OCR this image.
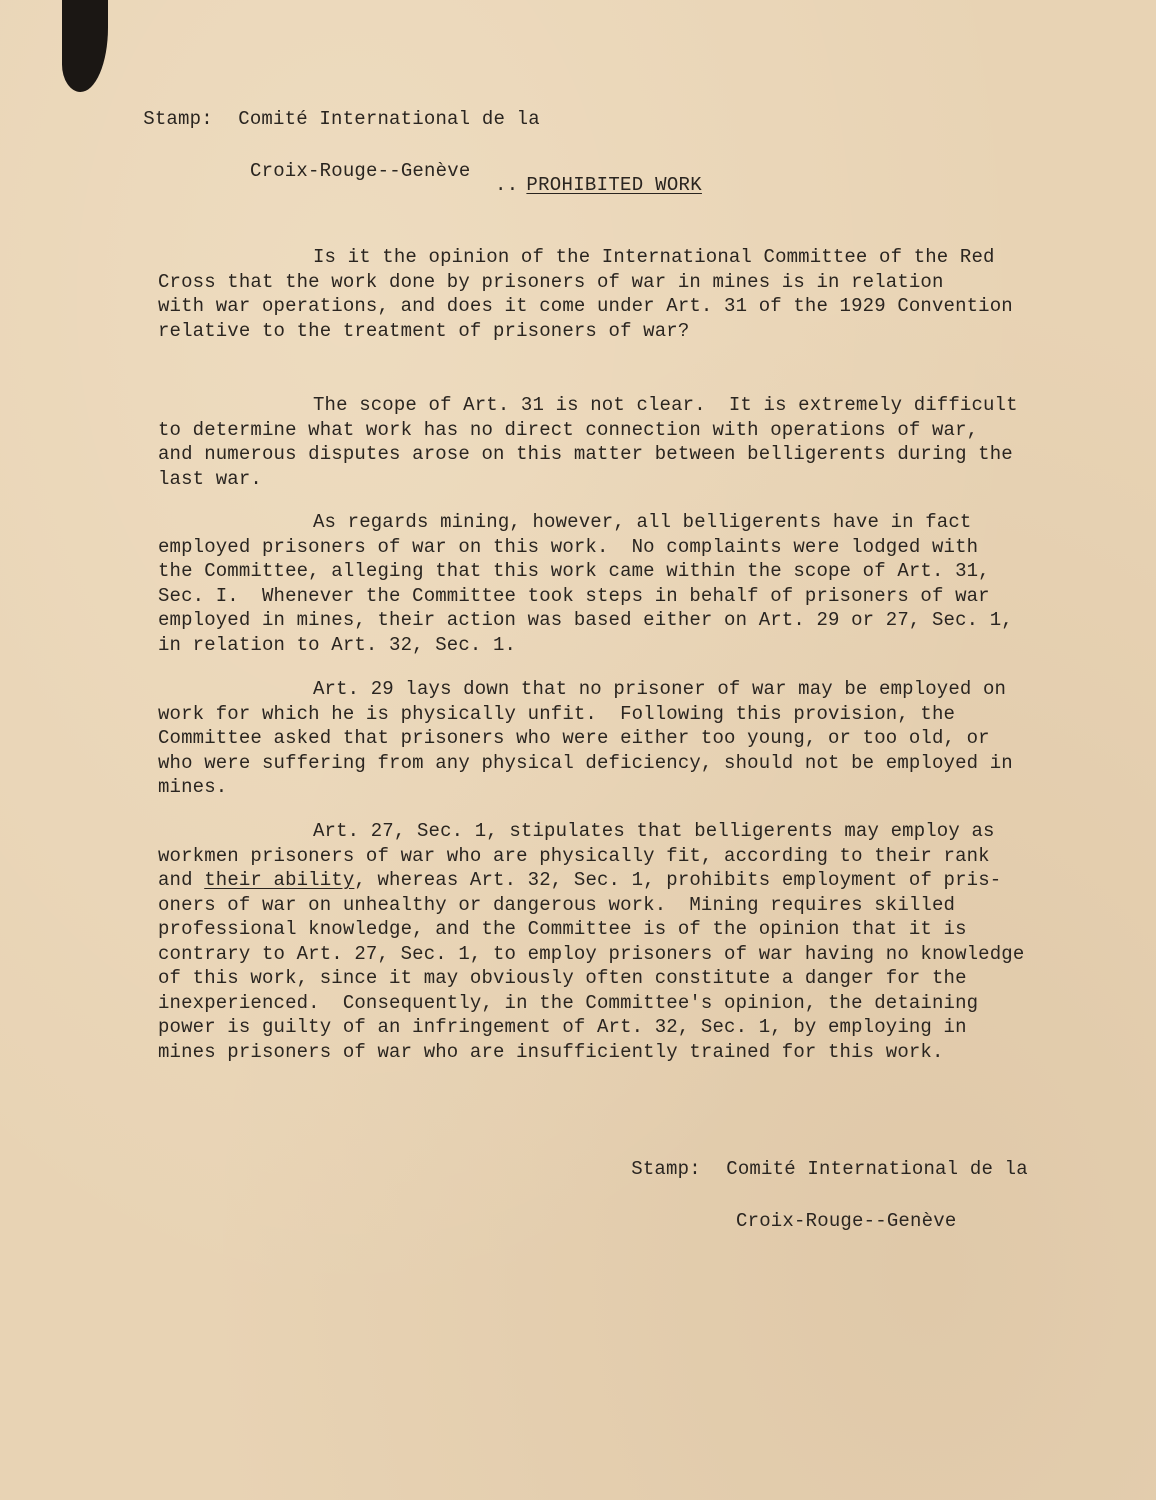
Stamp: Comité International de la

Croix-Rouge--Genève

.. PROHIBITED WORK
Is it the opinion of the International Committee of the Red
Cross that the work done by prisoners of war in mines is in relation
with war operations, and does it come under Art. 31 of the 1929 Convention
relative to the treatment of prisoners of war?
The scope of Art. 31 is not clear.  It is extremely difficult
to determine what work has no direct connection with operations of war,
and numerous disputes arose on this matter between belligerents during the
last war.
As regards mining, however, all belligerents have in fact
employed prisoners of war on this work.  No complaints were lodged with
the Committee, alleging that this work came within the scope of Art. 31,
Sec. I.  Whenever the Committee took steps in behalf of prisoners of war
employed in mines, their action was based either on Art. 29 or 27, Sec. 1,
in relation to Art. 32, Sec. 1.
Art. 29 lays down that no prisoner of war may be employed on
work for which he is physically unfit.  Following this provision, the
Committee asked that prisoners who were either too young, or too old, or
who were suffering from any physical deficiency, should not be employed in
mines.
Art. 27, Sec. 1, stipulates that belligerents may employ as
workmen prisoners of war who are physically fit, according to their rank
and their ability, whereas Art. 32, Sec. 1, prohibits employment of pris-
oners of war on unhealthy or dangerous work.  Mining requires skilled
professional knowledge, and the Committee is of the opinion that it is
contrary to Art. 27, Sec. 1, to employ prisoners of war having no knowledge
of this work, since it may obviously often constitute a danger for the
inexperienced.  Consequently, in the Committee's opinion, the detaining
power is guilty of an infringement of Art. 32, Sec. 1, by employing in
mines prisoners of war who are insufficiently trained for this work.

Stamp: Comité International de la

Croix-Rouge--Genève
